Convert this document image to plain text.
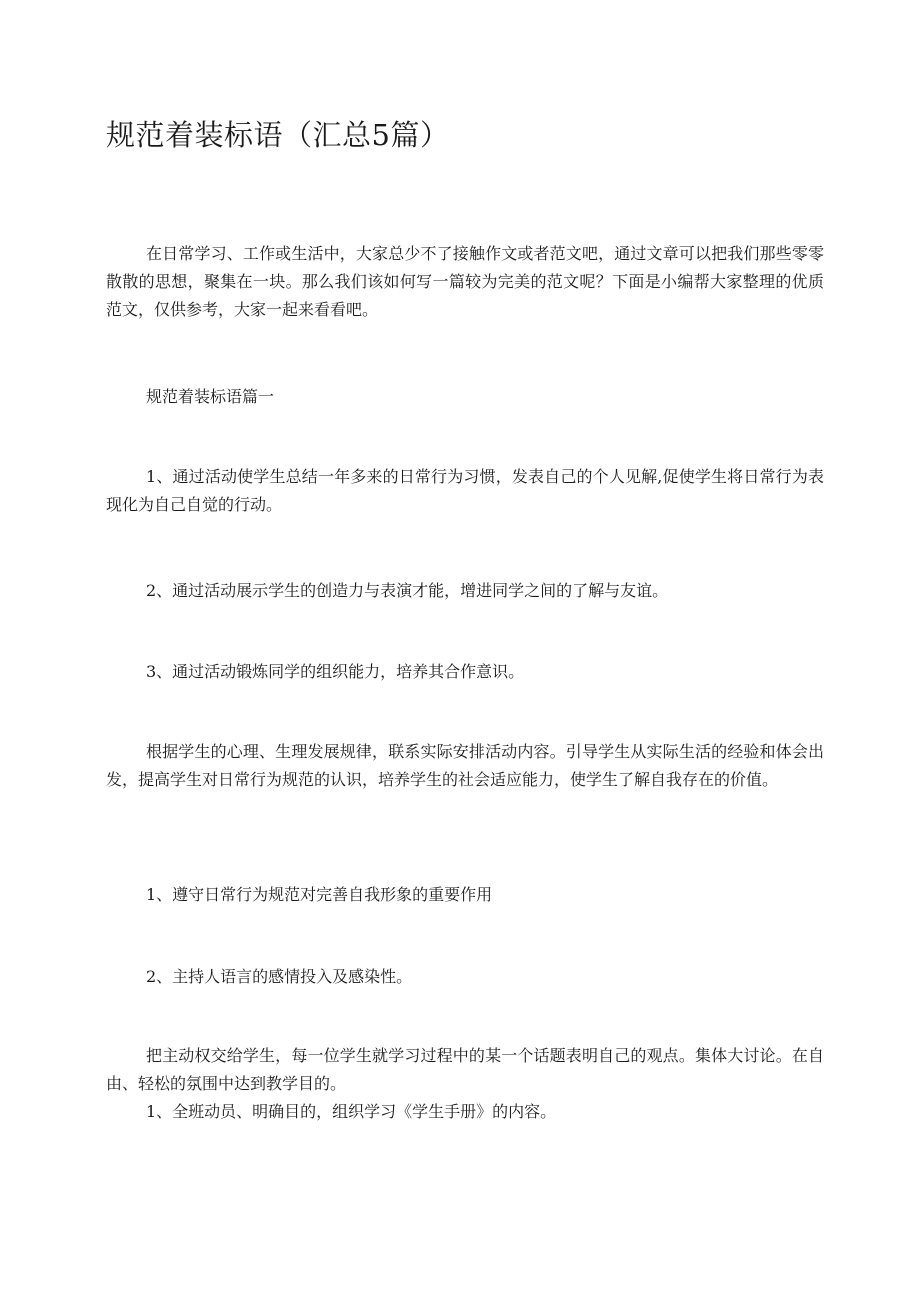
规范着装标语（汇总5篇）

在日常学习、工作或生活中，大家总少不了接触作文或者范文吧，通过文章可以把我们那些零零散散的思想，聚集在一块。那么我们该如何写一篇较为完美的范文呢？下面是小编帮大家整理的优质范文，仅供参考，大家一起来看看吧。

规范着装标语篇一

1、通过活动使学生总结一年多来的日常行为习惯，发表自己的个人见解,促使学生将日常行为表现化为自己自觉的行动。

2、通过活动展示学生的创造力与表演才能，增进同学之间的了解与友谊。

3、通过活动锻炼同学的组织能力，培养其合作意识。

根据学生的心理、生理发展规律，联系实际安排活动内容。引导学生从实际生活的经验和体会出发，提高学生对日常行为规范的认识，培养学生的社会适应能力，使学生了解自我存在的价值。

1、遵守日常行为规范对完善自我形象的重要作用

2、主持人语言的感情投入及感染性。

把主动权交给学生，每一位学生就学习过程中的某一个话题表明自己的观点。集体大讨论。在自由、轻松的氛围中达到教学目的。

1、全班动员、明确目的，组织学习《学生手册》的内容。
